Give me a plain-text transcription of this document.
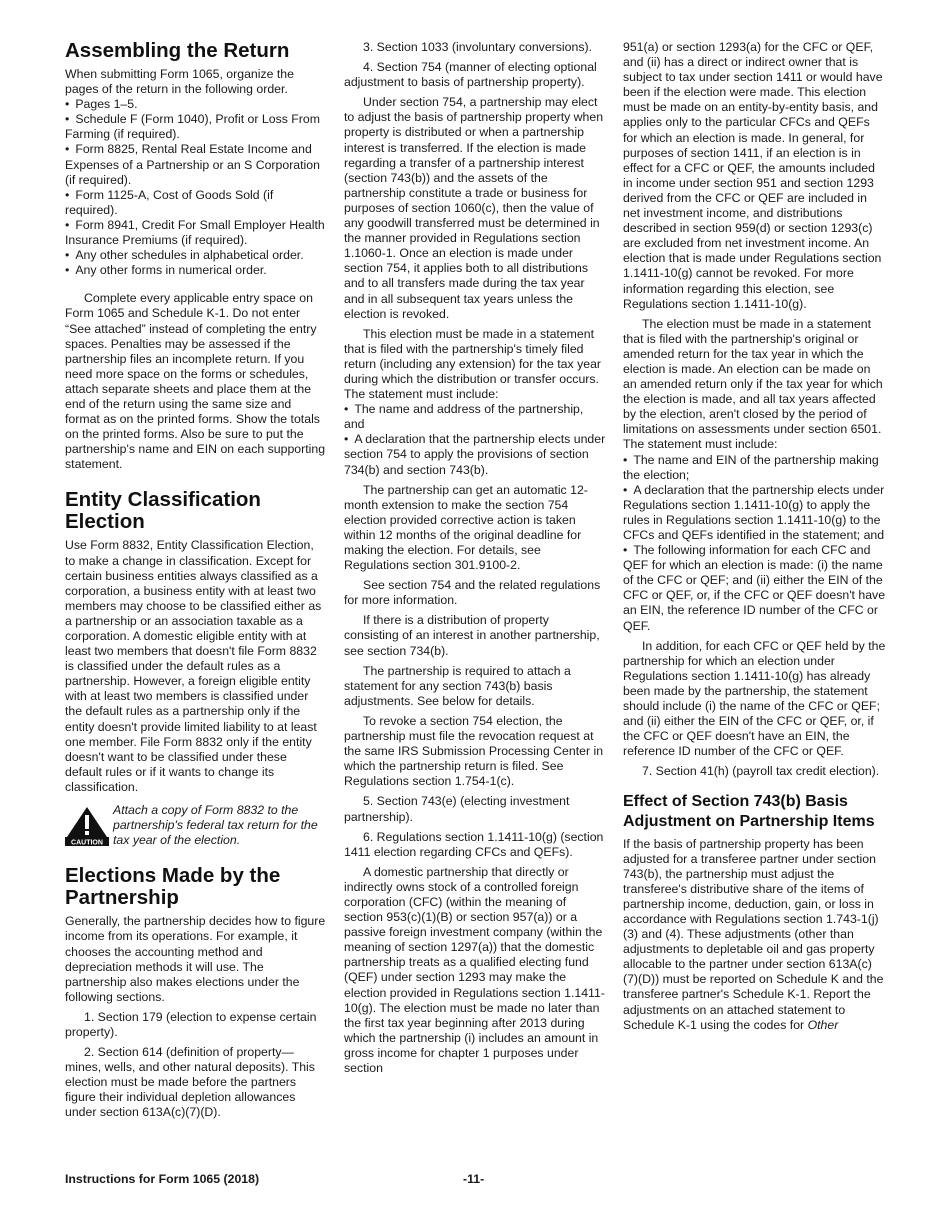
Assembling the Return

When submitting Form 1065, organize the pages of the return in the following order.

• Pages 1–5.

• Schedule F (Form 1040), Profit or Loss From Farming (if required).

• Form 8825, Rental Real Estate Income and Expenses of a Partnership or an S Corporation (if required).

• Form 1125-A, Cost of Goods Sold (if required).

• Form 8941, Credit For Small Employer Health Insurance Premiums (if required).

• Any other schedules in alphabetical order.

• Any other forms in numerical order.

Complete every applicable entry space on Form 1065 and Schedule K-1. Do not enter “See attached” instead of completing the entry spaces. Penalties may be assessed if the partnership files an incomplete return. If you need more space on the forms or schedules, attach separate sheets and place them at the end of the return using the same size and format as on the printed forms. Show the totals on the printed forms. Also be sure to put the partnership's name and EIN on each supporting statement.

Entity Classification Election

Use Form 8832, Entity Classification Election, to make a change in classification. Except for certain business entities always classified as a corporation, a business entity with at least two members may choose to be classified either as a partnership or an association taxable as a corporation. A domestic eligible entity with at least two members that doesn't file Form 8832 is classified under the default rules as a partnership. However, a foreign eligible entity with at least two members is classified under the default rules as a partnership only if the entity doesn't provide limited liability to at least one member. File Form 8832 only if the entity doesn't want to be classified under these default rules or if it wants to change its classification.

CAUTION

Attach a copy of Form 8832 to the partnership's federal tax return for the tax year of the election.

Elections Made by the Partnership

Generally, the partnership decides how to figure income from its operations. For example, it chooses the accounting method and depreciation methods it will use. The partnership also makes elections under the following sections.

1. Section 179 (election to expense certain property).

2. Section 614 (definition of property—mines, wells, and other natural deposits). This election must be made before the partners figure their individual depletion allowances under section 613A(c)(7)(D).

3. Section 1033 (involuntary conversions).

4. Section 754 (manner of electing optional adjustment to basis of partnership property).

Under section 754, a partnership may elect to adjust the basis of partnership property when property is distributed or when a partnership interest is transferred. If the election is made regarding a transfer of a partnership interest (section 743(b)) and the assets of the partnership constitute a trade or business for purposes of section 1060(c), then the value of any goodwill transferred must be determined in the manner provided in Regulations section 1.1060-1. Once an election is made under section 754, it applies both to all distributions and to all transfers made during the tax year and in all subsequent tax years unless the election is revoked.

This election must be made in a statement that is filed with the partnership's timely filed return (including any extension) for the tax year during which the distribution or transfer occurs. The statement must include:

• The name and address of the partnership, and

• A declaration that the partnership elects under section 754 to apply the provisions of section 734(b) and section 743(b).

The partnership can get an automatic 12-month extension to make the section 754 election provided corrective action is taken within 12 months of the original deadline for making the election. For details, see Regulations section 301.9100-2.

See section 754 and the related regulations for more information.

If there is a distribution of property consisting of an interest in another partnership, see section 734(b).

The partnership is required to attach a statement for any section 743(b) basis adjustments. See below for details.

To revoke a section 754 election, the partnership must file the revocation request at the same IRS Submission Processing Center in which the partnership return is filed. See Regulations section 1.754-1(c).

5. Section 743(e) (electing investment partnership).

6. Regulations section 1.1411-10(g) (section 1411 election regarding CFCs and QEFs).

A domestic partnership that directly or indirectly owns stock of a controlled foreign corporation (CFC) (within the meaning of section 953(c)(1)(B) or section 957(a)) or a passive foreign investment company (within the meaning of section 1297(a)) that the domestic partnership treats as a qualified electing fund (QEF) under section 1293 may make the election provided in Regulations section 1.1411-10(g). The election must be made no later than the first tax year beginning after 2013 during which the partnership (i) includes an amount in gross income for chapter 1 purposes under section

951(a) or section 1293(a) for the CFC or QEF, and (ii) has a direct or indirect owner that is subject to tax under section 1411 or would have been if the election were made. This election must be made on an entity-by-entity basis, and applies only to the particular CFCs and QEFs for which an election is made. In general, for purposes of section 1411, if an election is in effect for a CFC or QEF, the amounts included in income under section 951 and section 1293 derived from the CFC or QEF are included in net investment income, and distributions described in section 959(d) or section 1293(c) are excluded from net investment income. An election that is made under Regulations section 1.1411-10(g) cannot be revoked. For more information regarding this election, see Regulations section 1.1411-10(g).

The election must be made in a statement that is filed with the partnership's original or amended return for the tax year in which the election is made. An election can be made on an amended return only if the tax year for which the election is made, and all tax years affected by the election, aren't closed by the period of limitations on assessments under section 6501. The statement must include:

• The name and EIN of the partnership making the election;

• A declaration that the partnership elects under Regulations section 1.1411-10(g) to apply the rules in Regulations section 1.1411-10(g) to the CFCs and QEFs identified in the statement; and

• The following information for each CFC and QEF for which an election is made: (i) the name of the CFC or QEF; and (ii) either the EIN of the CFC or QEF, or, if the CFC or QEF doesn't have an EIN, the reference ID number of the CFC or QEF.

In addition, for each CFC or QEF held by the partnership for which an election under Regulations section 1.1411-10(g) has already been made by the partnership, the statement should include (i) the name of the CFC or QEF; and (ii) either the EIN of the CFC or QEF, or, if the CFC or QEF doesn't have an EIN, the reference ID number of the CFC or QEF.

7. Section 41(h) (payroll tax credit election).

Effect of Section 743(b) Basis Adjustment on Partnership Items

If the basis of partnership property has been adjusted for a transferee partner under section 743(b), the partnership must adjust the transferee's distributive share of the items of partnership income, deduction, gain, or loss in accordance with Regulations section 1.743-1(j)(3) and (4). These adjustments (other than adjustments to depletable oil and gas property allocable to the partner under section 613A(c)(7)(D)) must be reported on Schedule K and the transferee partner's Schedule K-1. Report the adjustments on an attached statement to Schedule K-1 using the codes for Other

Instructions for Form 1065 (2018)	-11-
